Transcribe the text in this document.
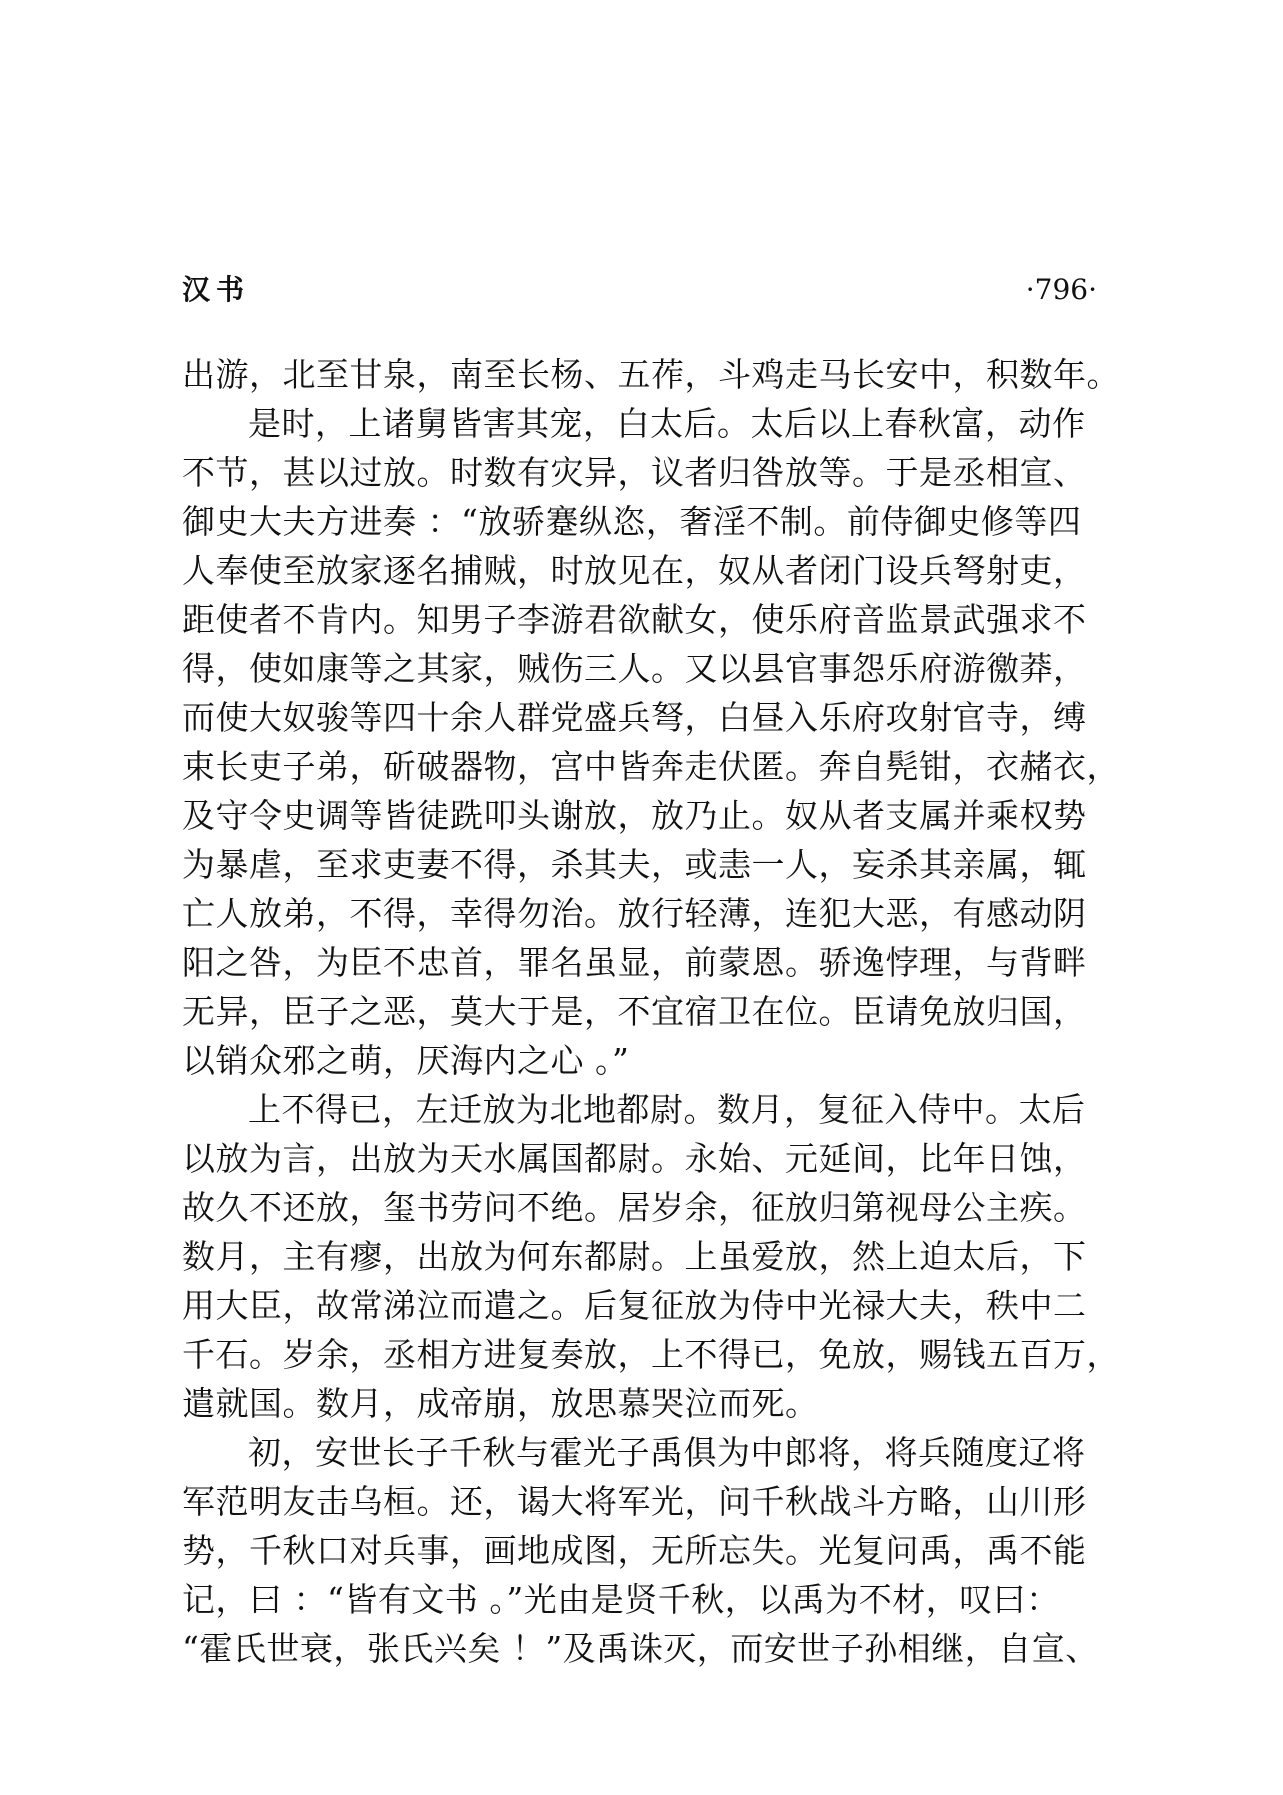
汉书	·796·
出游，北至甘泉，南至长杨、五莋，斗鸡走马长安中，积数年。
是时，上诸舅皆害其宠，白太后。太后以上春秋富，动作
不节，甚以过放。时数有灾异，议者归咎放等。于是丞相宣、
御史大夫方进奏 ：“放骄蹇纵恣，奢淫不制。前侍御史修等四
人奉使至放家逐名捕贼，时放见在，奴从者闭门设兵弩射吏，
距使者不肯内。知男子李游君欲献女，使乐府音监景武强求不
得，使如康等之其家，贼伤三人。又以县官事怨乐府游徼莽，
而使大奴骏等四十余人群党盛兵弩，白昼入乐府攻射官寺，缚
束长吏子弟，斫破器物，宫中皆奔走伏匿。奔自髡钳，衣赭衣，
及守令史调等皆徒跣叩头谢放，放乃止。奴从者支属并乘权势
为暴虐，至求吏妻不得，杀其夫，或恚一人，妄杀其亲属，辄
亡人放弟，不得，幸得勿治。放行轻薄，连犯大恶，有感动阴
阳之咎，为臣不忠首，罪名虽显，前蒙恩。骄逸悖理，与背畔
无异，臣子之恶，莫大于是，不宜宿卫在位。臣请免放归国，
以销众邪之萌，厌海内之心 。”
上不得已，左迁放为北地都尉。数月，复征入侍中。太后
以放为言，出放为天水属国都尉。永始、元延间，比年日蚀，
故久不还放，玺书劳问不绝。居岁余，征放归第视母公主疾。
数月，主有瘳，出放为何东都尉。上虽爱放，然上迫太后，下
用大臣，故常涕泣而遣之。后复征放为侍中光禄大夫，秩中二
千石。岁余，丞相方进复奏放，上不得已，免放，赐钱五百万，
遣就国。数月，成帝崩，放思慕哭泣而死。
初，安世长子千秋与霍光子禹俱为中郎将，将兵随度辽将
军范明友击乌桓。还，谒大将军光，问千秋战斗方略，山川形
势，千秋口对兵事，画地成图，无所忘失。光复问禹，禹不能
记，曰 ：“皆有文书 。”光由是贤千秋，以禹为不材，叹曰：
“霍氏世衰，张氏兴矣 ！”及禹诛灭，而安世子孙相继，自宣、
